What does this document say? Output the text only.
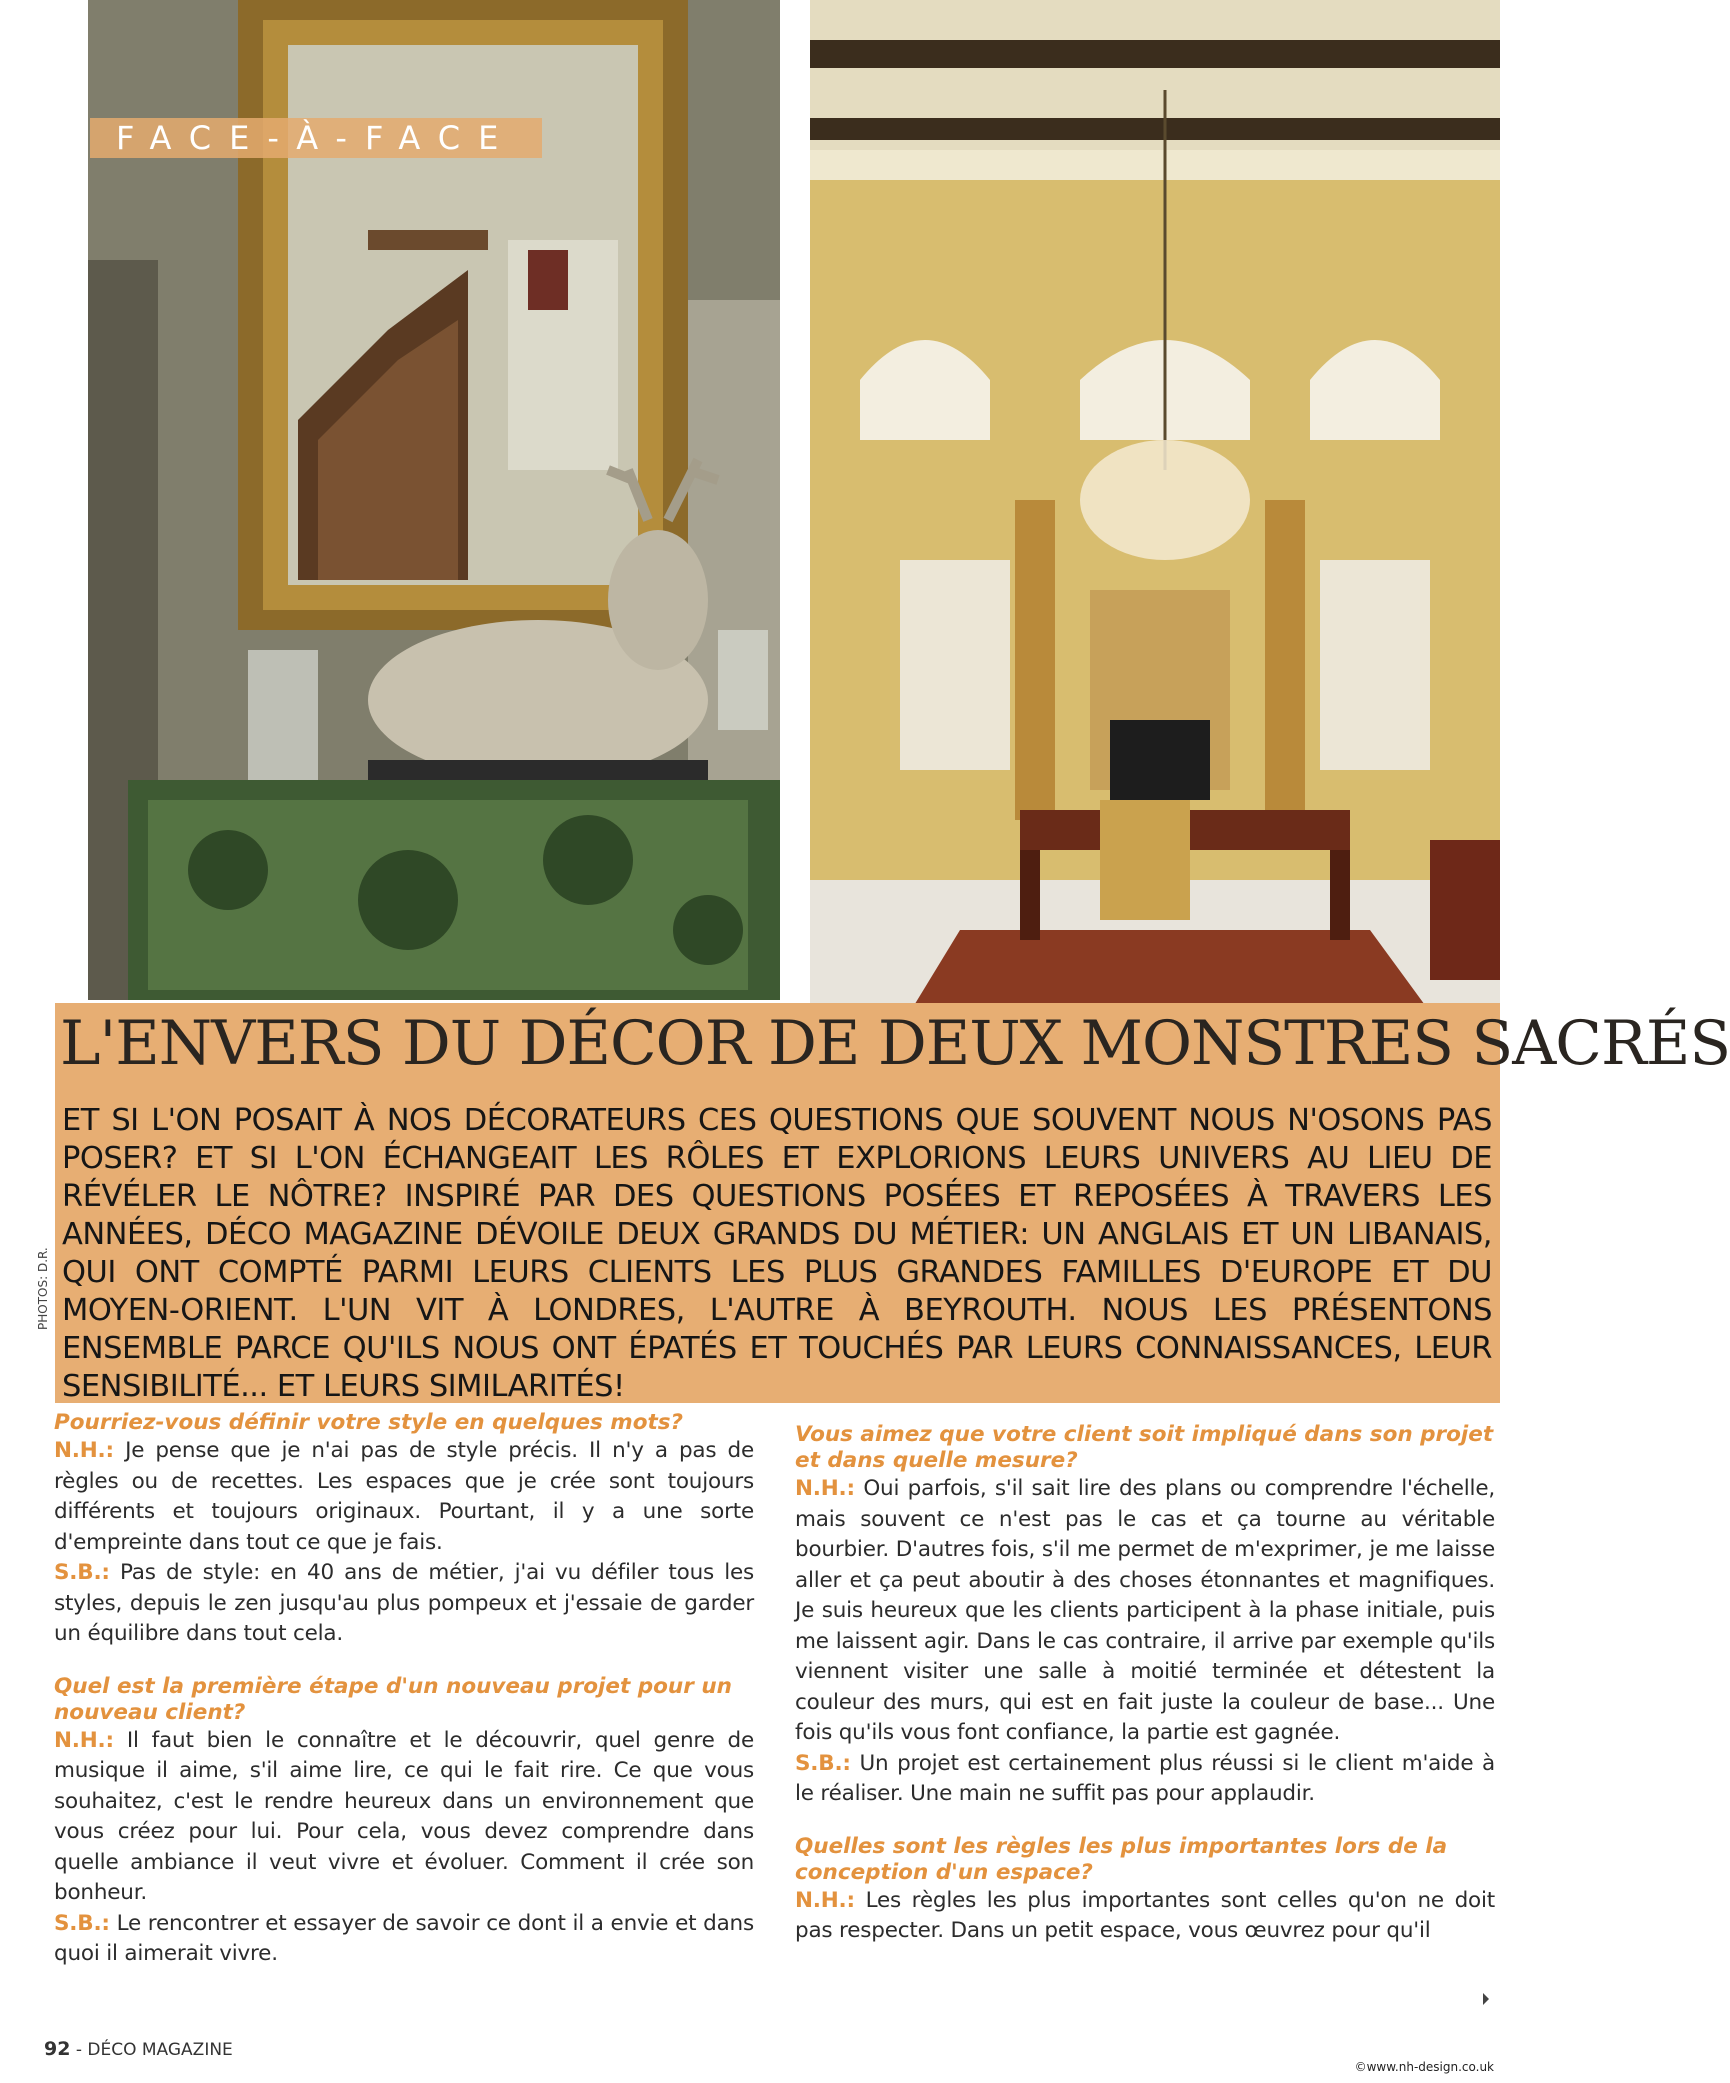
FACE-À-FACE
L'ENVERS DU DÉCOR DE DEUX MONSTRES SACRÉS

ET SI L'ON POSAIT À NOS DÉCORATEURS CES QUESTIONS QUE SOUVENT NOUS N'OSONS PAS POSER? ET SI L'ON ÉCHANGEAIT LES RÔLES ET EXPLORIONS LEURS UNIVERS AU LIEU DE RÉVÉLER LE NÔTRE? INSPIRÉ PAR DES QUESTIONS POSÉES ET REPOSÉES À TRAVERS LES ANNÉES, DÉCO MAGAZINE DÉVOILE DEUX GRANDS DU MÉTIER: UN ANGLAIS ET UN LIBANAIS, QUI ONT COMPTÉ PARMI LEURS CLIENTS LES PLUS GRANDES FAMILLES D'EUROPE ET DU MOYEN-ORIENT. L'UN VIT À LONDRES, L'AUTRE À BEYROUTH. NOUS LES PRÉSENTONS ENSEMBLE PARCE QU'ILS NOUS ONT ÉPATÉS ET TOUCHÉS PAR LEURS CONNAISSANCES, LEUR SENSIBILITÉ... ET LEURS SIMILARITÉS!

PHOTOS: D.R.

Pourriez-vous définir votre style en quelques mots?

N.H.: Je pense que je n'ai pas de style précis. Il n'y a pas de règles ou de recettes. Les espaces que je crée sont toujours différents et toujours originaux. Pourtant, il y a une sorte d'empreinte dans tout ce que je fais.

S.B.: Pas de style: en 40 ans de métier, j'ai vu défiler tous les styles, depuis le zen jusqu'au plus pompeux et j'essaie de garder un équilibre dans tout cela.

Quel est la première étape d'un nouveau projet pour un nouveau client?

N.H.: Il faut bien le connaître et le découvrir, quel genre de musique il aime, s'il aime lire, ce qui le fait rire. Ce que vous souhaitez, c'est le rendre heureux dans un environnement que vous créez pour lui. Pour cela, vous devez comprendre dans quelle ambiance il veut vivre et évoluer. Comment il crée son bonheur.

S.B.: Le rencontrer et essayer de savoir ce dont il a envie et dans quoi il aimerait vivre.

Vous aimez que votre client soit impliqué dans son projet et dans quelle mesure?

N.H.: Oui parfois, s'il sait lire des plans ou comprendre l'échelle, mais souvent ce n'est pas le cas et ça tourne au véritable bourbier. D'autres fois, s'il me permet de m'exprimer, je me laisse aller et ça peut aboutir à des choses étonnantes et magnifiques. Je suis heureux que les clients participent à la phase initiale, puis me laissent agir. Dans le cas contraire, il arrive par exemple qu'ils viennent visiter une salle à moitié terminée et détestent la couleur des murs, qui est en fait juste la couleur de base... Une fois qu'ils vous font confiance, la partie est gagnée.

S.B.: Un projet est certainement plus réussi si le client m'aide à le réaliser. Une main ne suffit pas pour applaudir.

Quelles sont les règles les plus importantes lors de la conception d'un espace?

N.H.: Les règles les plus importantes sont celles qu'on ne doit pas respecter. Dans un petit espace, vous œuvrez pour qu'il

92 - DÉCO MAGAZINE
©www.nh-design.co.uk
